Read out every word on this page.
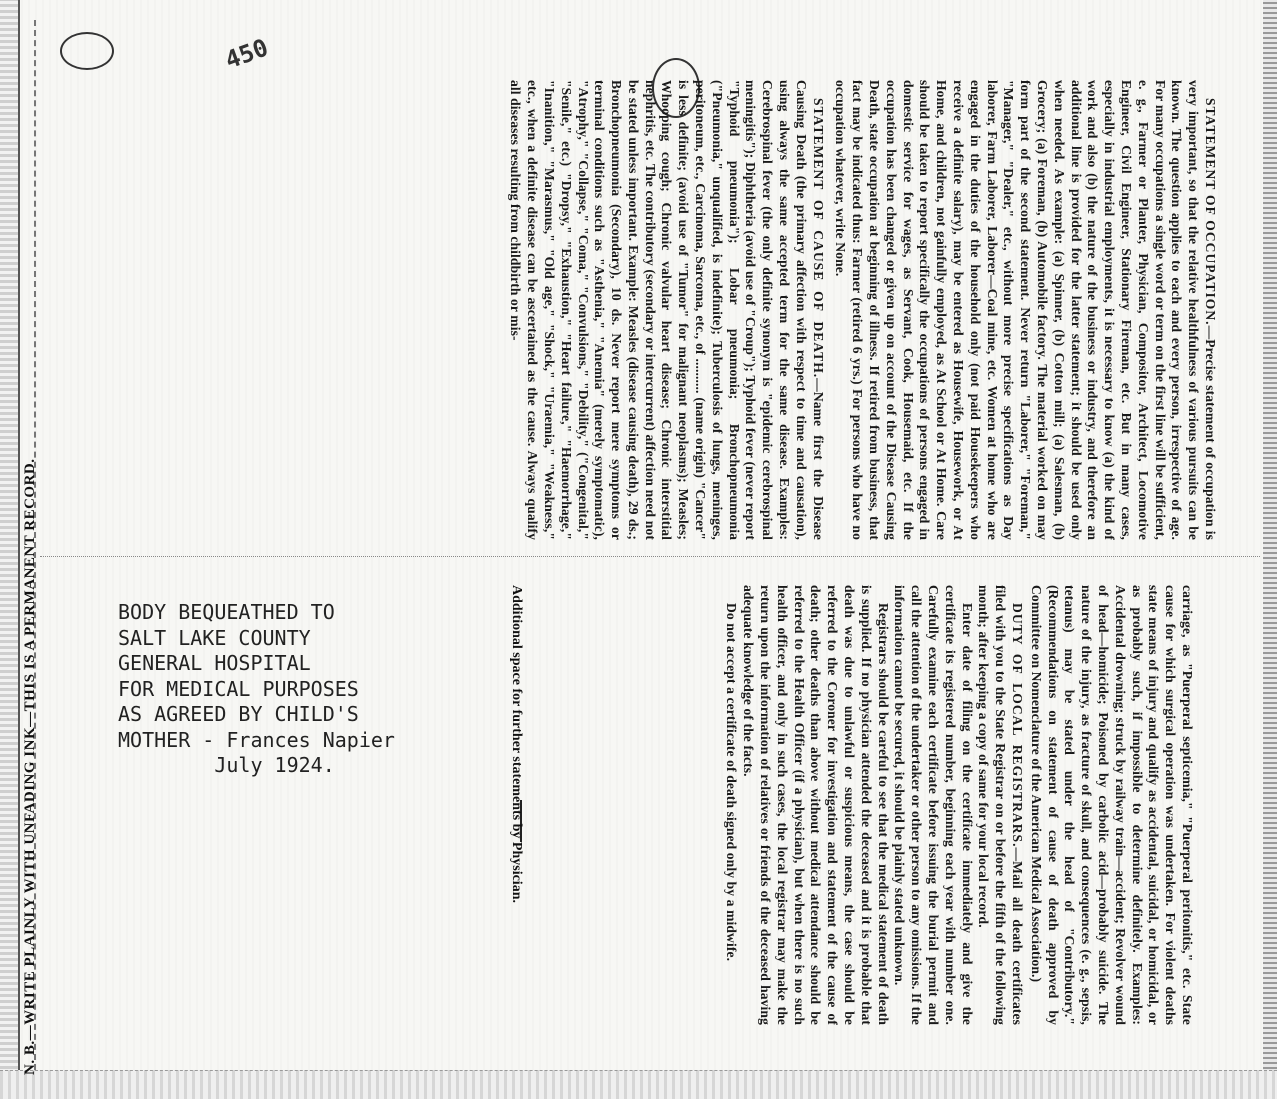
N. B.—WRITE PLAINLY WITH UNFADING INK—THIS IS A PERMANENT RECORD.
450

STATEMENT OF OCCUPATION.—Precise statement of occupation is very important, so that the relative healthfulness of various pursuits can be known. The question applies to each and every person, irrespective of age. For many occupations a single word or term on the first line will be sufficient, e. g., Farmer or Planter, Physician, Compositor, Architect, Locomotive Engineer, Civil Engineer, Stationary Fireman, etc. But in many cases, especially in industrial employments, it is necessary to know (a) the kind of work and also (b) the nature of the business or industry, and therefore an additional line is provided for the latter statement; it should be used only when needed. As example: (a) Spinner, (b) Cotton mill; (a) Salesman, (b) Grocery; (a) Foreman, (b) Automobile factory. The material worked on may form part of the second statement. Never return "Laborer," "Foreman," "Manager," "Dealer," etc., without more precise specifications as Day laborer, Farm Laborer, Laborer—Coal mine, etc. Women at home who are engaged in the duties of the household only (not paid Housekeepers who receive a definite salary), may be entered as Housewife, Housework, or At Home, and children, not gainfully employed, as At School or At Home. Care should be taken to report specifically the occupations of persons engaged in domestic service for wages, as Servant, Cook, Housemaid, etc. If the occupation has been changed or given up on account of the Disease Causing Death, state occupation at beginning of illness. If retired from business, that fact may be indicated thus: Farmer (retired 6 yrs.) For persons who have no occupation whatever, write None.

STATEMENT OF CAUSE OF DEATH.—Name first the Disease Causing Death (the primary affection with respect to time and causation), using always the same accepted term for the same disease. Examples: Cerebrospinal fever (the only definite synonym is "epidemic cerebrospinal meningitis"); Diphtheria (avoid use of "Croup"); Typhoid fever (never report "Typhoid pneumonia"); Lobar pneumonia; Bronchopneumonia ("Pneumonia," unqualified, is indefinite); Tuberculosis of lungs, meninges, peritoneum, etc., Carcinoma, Sarcoma, etc., of .......... (name origin) "Cancer" is less definite; (avoid use of "Tumor" for malignant neoplasms); Measles; Whooping cough; Chronic valvular heart disease; Chronic interstitial nephritis, etc. The contributory (secondary or intercurrent) affection need not be stated unless important. Example: Measles (disease causing death), 29 ds.; Bronchopneumonia (Secondary), 10 ds. Never report mere symptoms or terminal conditions such as "Asthenia," "Anemia" (merely symptomatic), "Atrophy," "Collapse," "Coma," "Convulsions," "Debility," ("Congenital," "Senile," etc.) "Dropsy," "Exhaustion," "Heart failure," "Haemorrhage," "Inanition," "Marasmus," "Old age," "Shock," "Uraemia," "Weakness," etc., when a definite disease can be ascertained as the cause. Always qualify all diseases resulting from childbirth or mis-

carriage, as "Puerperal septicemia," "Puerperal peritonitis," etc. State cause for which surgical operation was undertaken. For violent deaths state means of injury and qualify as accidental, suicidal, or homicidal, or as probably such, if impossible to determine definitely. Examples: Accidental drowning; struck by railway train—accident; Revolver wound of head—homicide; Poisoned by carbolic acid—probably suicide. The nature of the injury, as fracture of skull, and consequences (e. g., sepsis, tetanus) may be stated under the head of "Contributory." (Recommendations on statement of cause of death approved by Committee on Nomenclature of the American Medical Association.)

DUTY OF LOCAL REGISTRARS.—Mail all death certificates filed with you to the State Registrar on or before the fifth of the following month; after keeping a copy of same for your local record.

Enter date of filing on the certificate immediately and give the certificate its registered number, beginning each year with number one. Carefully examine each certificate before issuing the burial permit and call the attention of the undertaker or other person to any omissions. If the information cannot be secured, it should be plainly stated unknown.

Registrars should be careful to see that the medical statement of death is supplied. If no physician attended the deceased and it is probable that death was due to unlawful or suspicious means, the case should be referred to the Coroner for investigation and statement of the cause of death; other deaths than above without medical attendance should be referred to the Health Officer (if a physician), but when there is no such health officer, and only in such cases, the local registrar may make the return upon the information of relatives or friends of the deceased having adequate knowledge of the facts.

Do not accept a certificate of death signed only by a midwife.

Additional space for further statements by Physician.
BODY BEQUEATHED TO
SALT LAKE COUNTY
GENERAL HOSPITAL
FOR MEDICAL PURPOSES
AS AGREED BY CHILD'S
MOTHER - Frances Napier
July 1924.
